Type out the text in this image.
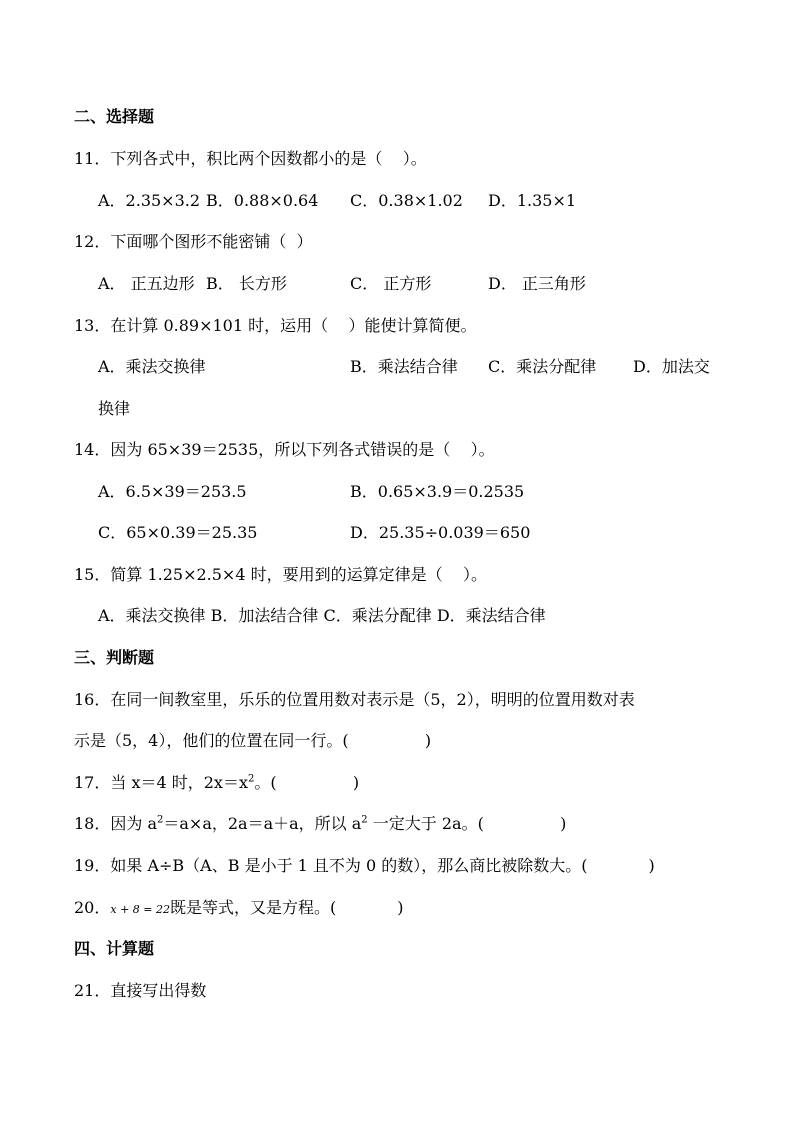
二、选择题
11．下列各式中，积比两个因数都小的是（    ）。
A．2.35×3.2 B．0.88×0.64 C．0.38×1.02 D．1.35×1
12．下面哪个图形不能密铺（  ）
A． 正五边形 B． 长方形	C． 正方形	D． 正三角形
13．在计算 0.89×101 时，运用（    ）能使计算简便。
A．乘法交换律	B．乘法结合律 C．乘法分配律 D．加法交
换律
14．因为 65×39＝2535，所以下列各式错误的是（    ）。
A．6.5×39＝253.5	B．0.65×3.9＝0.2535
C．65×0.39＝25.35	D．25.35÷0.039＝650
15．简算 1.25×2.5×4 时，要用到的运算定律是（    ）。
A．乘法交换律 B．加法结合律 C．乘法分配律 D．乘法结合律
三、判断题
16．在同一间教室里，乐乐的位置用数对表示是（5，2），明明的位置用数对表
示是（5，4），他们的位置在同一行。(               )
17．当 x＝4 时，$2x=x^2$。(               )
18．因为 $a^2=a\times a$，2a＝a＋a，所以 $a^2$ 一定大于 2a。(               )
19．如果 A÷B（A、B 是小于 1 且不为 0 的数），那么商比被除数大。(            )
20．x + 8 = 22既是等式，又是方程。(            )
四、计算题
21．直接写出得数
